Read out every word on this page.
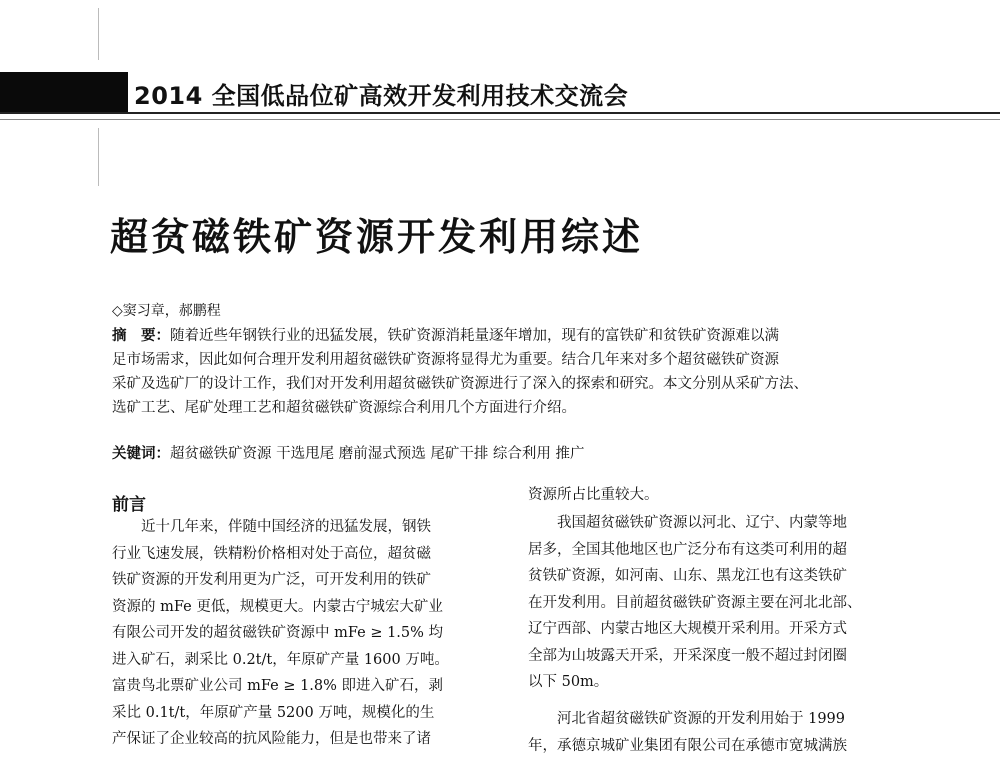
2014 全国低品位矿高效开发利用技术交流会
超贫磁铁矿资源开发利用综述
◇窦习章，郝鹏程
摘　要：随着近些年钢铁行业的迅猛发展，铁矿资源消耗量逐年增加，现有的富铁矿和贫铁矿资源难以满
足市场需求，因此如何合理开发利用超贫磁铁矿资源将显得尤为重要。结合几年来对多个超贫磁铁矿资源
采矿及选矿厂的设计工作，我们对开发利用超贫磁铁矿资源进行了深入的探索和研究。本文分别从采矿方法、
选矿工艺、尾矿处理工艺和超贫磁铁矿资源综合利用几个方面进行介绍。
关键词：超贫磁铁矿资源 干选甩尾 磨前湿式预选 尾矿干排 综合利用 推广
前言
近十几年来，伴随中国经济的迅猛发展，钢铁
行业飞速发展，铁精粉价格相对处于高位，超贫磁
铁矿资源的开发利用更为广泛，可开发利用的铁矿
资源的 mFe 更低，规模更大。内蒙古宁城宏大矿业
有限公司开发的超贫磁铁矿资源中 mFe ≥ 1.5% 均
进入矿石，剥采比 0.2t/t，年原矿产量 1600 万吨。
富贵鸟北票矿业公司 mFe ≥ 1.8% 即进入矿石，剥
采比 0.1t/t，年原矿产量 5200 万吨，规模化的生
产保证了企业较高的抗风险能力，但是也带来了诸
资源所占比重较大。
我国超贫磁铁矿资源以河北、辽宁、内蒙等地
居多，全国其他地区也广泛分布有这类可利用的超
贫铁矿资源，如河南、山东、黑龙江也有这类铁矿
在开发利用。目前超贫磁铁矿资源主要在河北北部、
辽宁西部、内蒙古地区大规模开采利用。开采方式
全部为山坡露天开采，开采深度一般不超过封闭圈
以下 50m。
河北省超贫磁铁矿资源的开发利用始于 1999
年，承德京城矿业集团有限公司在承德市宽城满族
